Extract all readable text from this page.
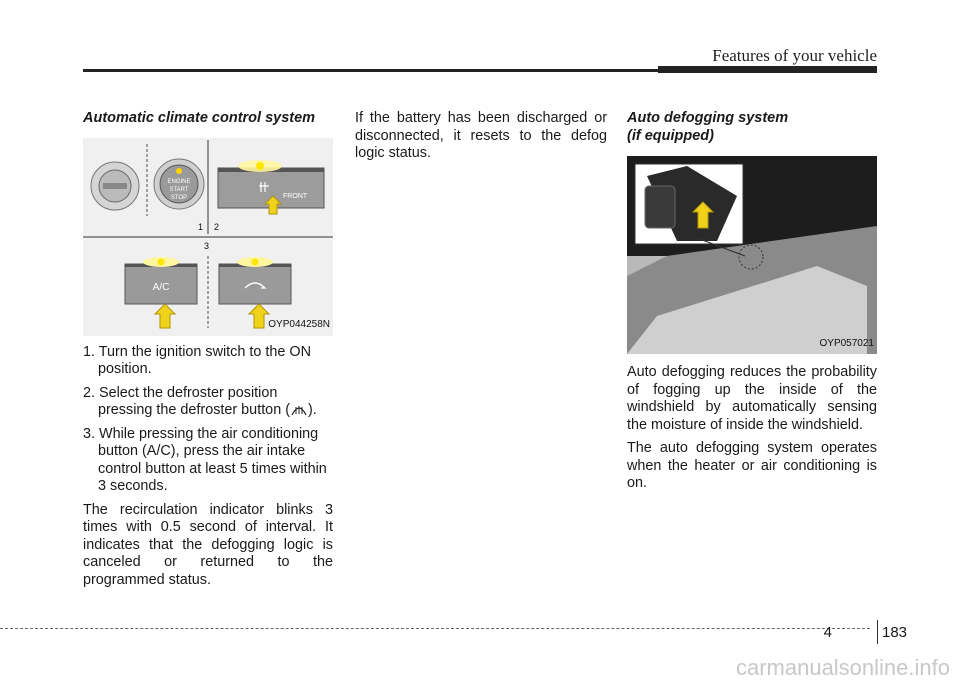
Features of your vehicle
Automatic climate control system
ENGINE
START
STOP	FRONT
1 2
3
A/C
OYP044258N
1. Turn the ignition switch to the ON position.
2. Select the defroster position pressing the defroster button ( ).
3. While pressing the air conditioning button (A/C), press the air intake control button at least 5 times within 3 seconds.

The recirculation indicator blinks 3 times with 0.5 second of interval. It indicates that the defogging logic is canceled or returned to the programmed status.

If the battery has been discharged or disconnected, it resets to the defog logic status.

Auto defogging system
(if equipped)
OYP057021

Auto defogging reduces the probability of fogging up the inside of the windshield by automatically sensing the moisture of inside the windshield.

The auto defogging system operates when the heater or air conditioning is on.

4	183
carmanualsonline.info
